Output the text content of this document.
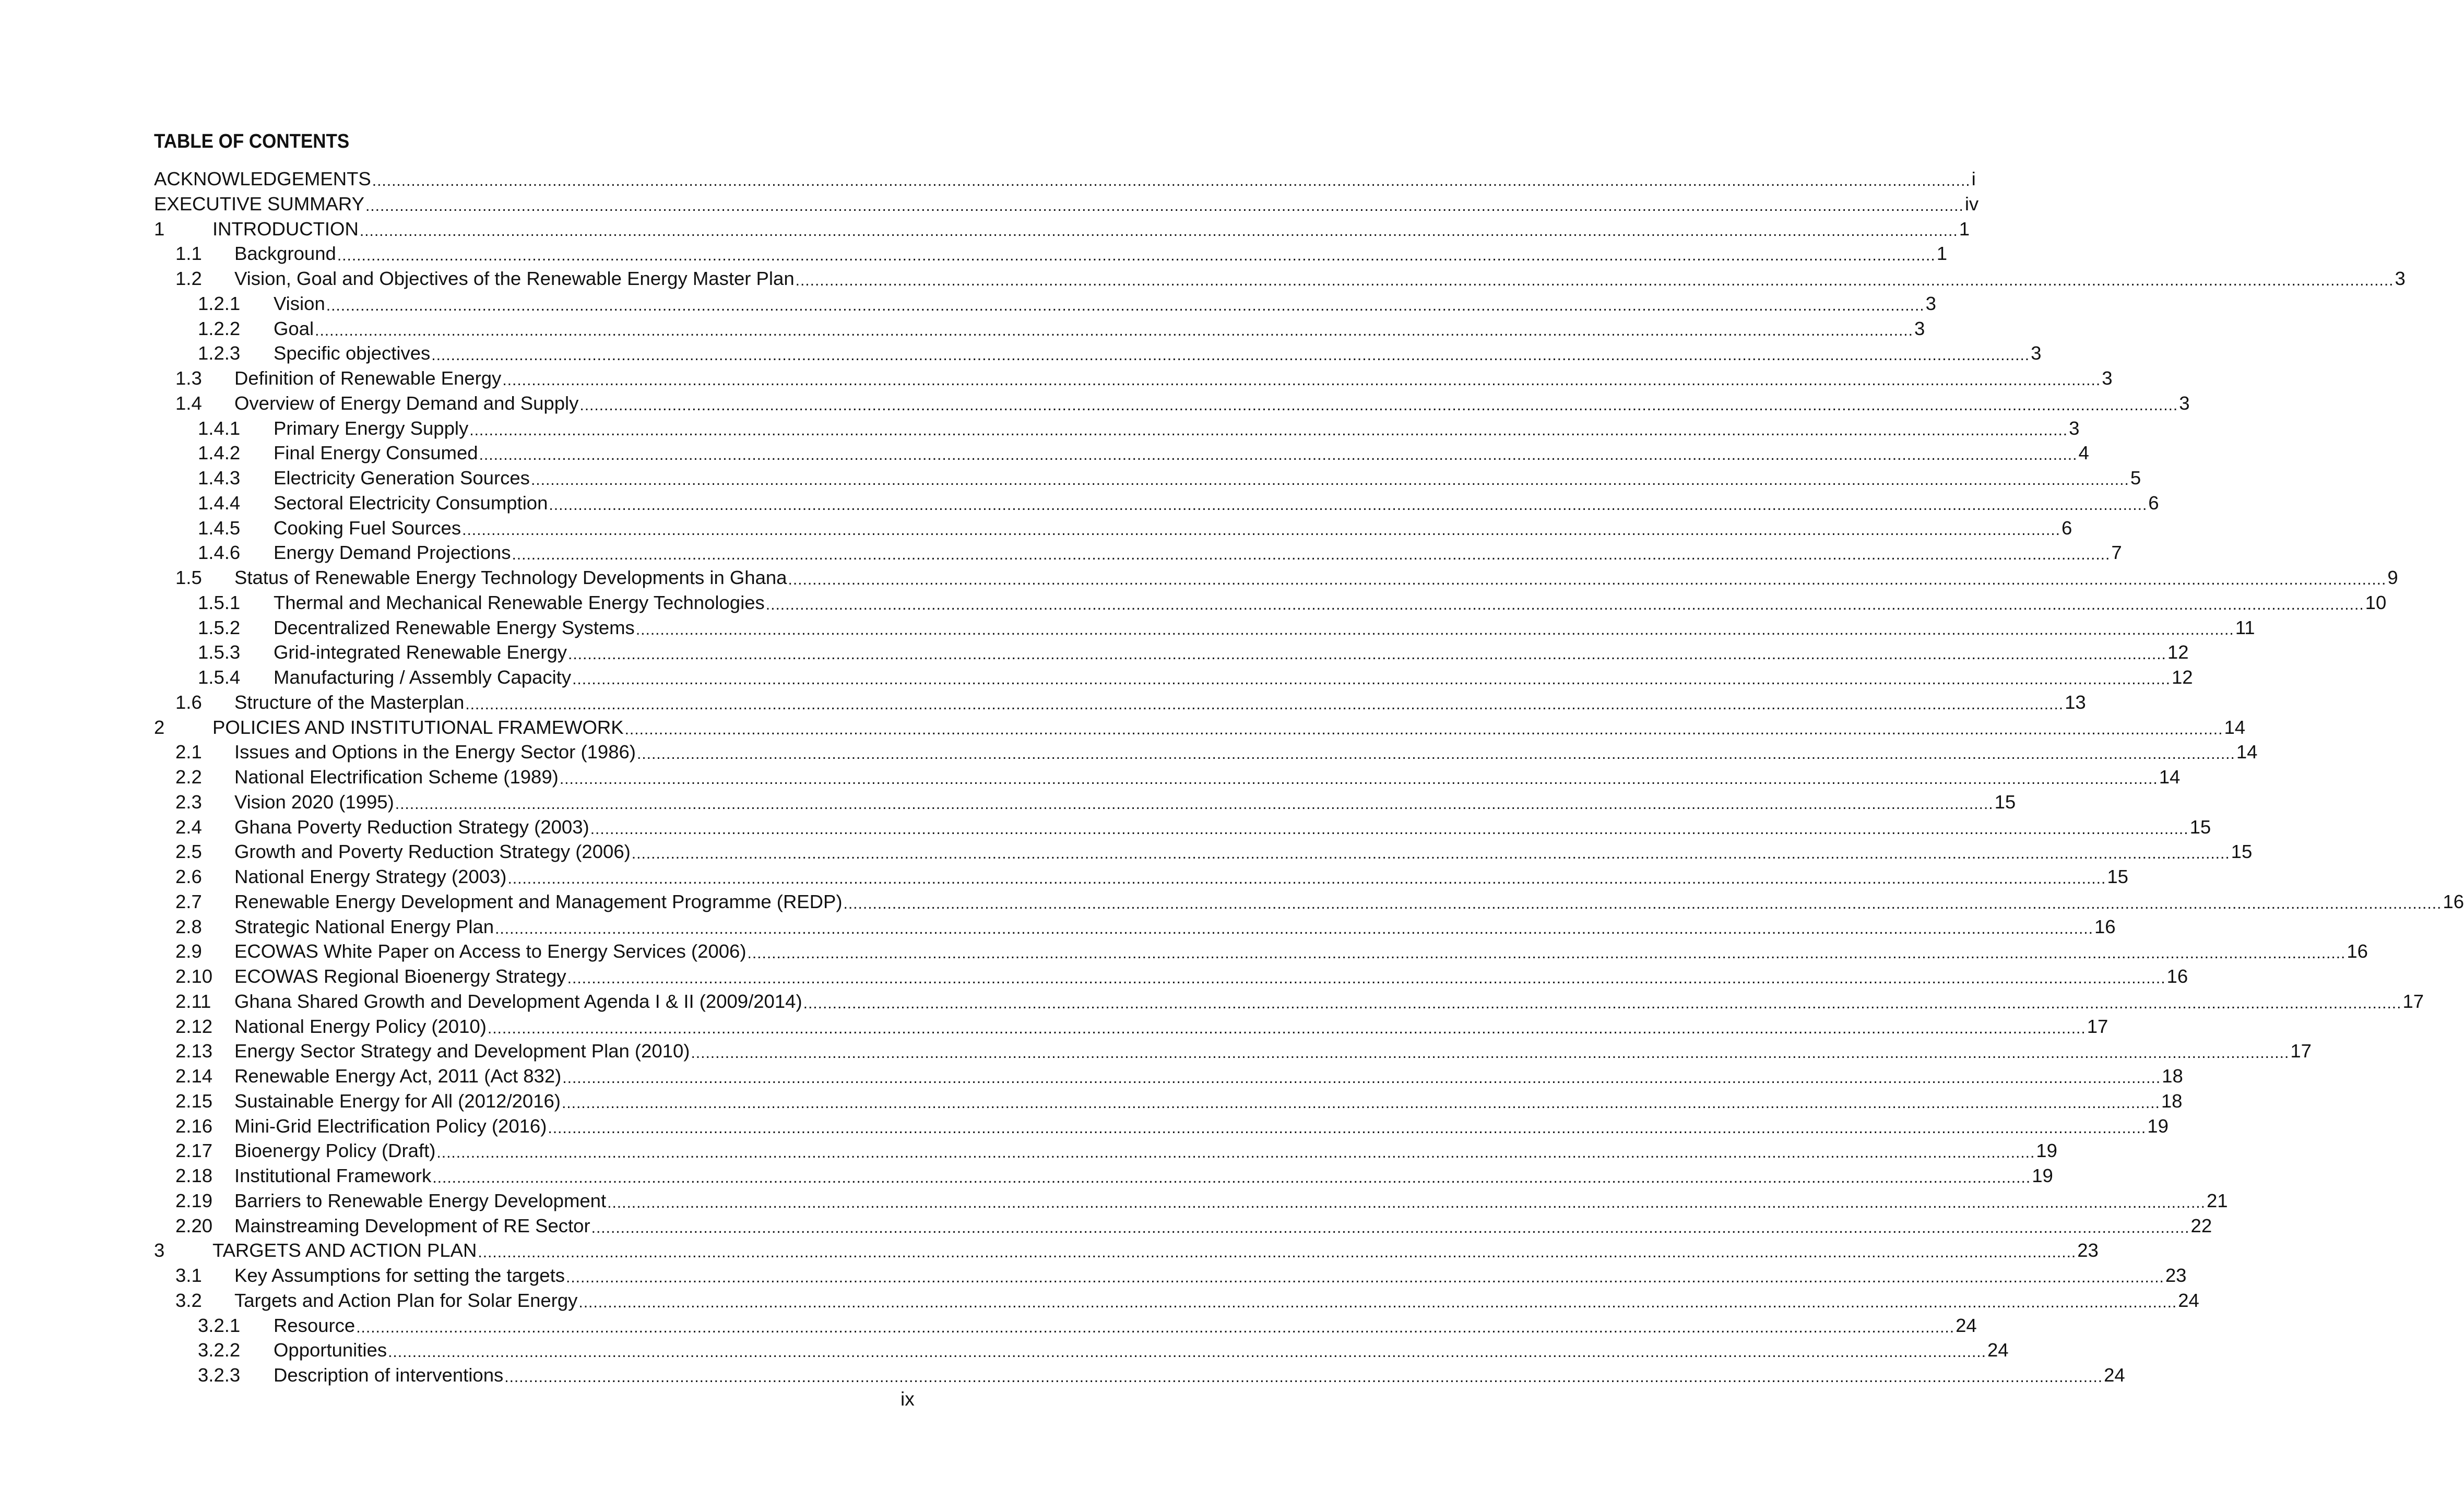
TABLE OF CONTENTS
ACKNOWLEDGEMENTS .....	i
EXECUTIVE SUMMARY .....	iv
1	INTRODUCTION .....	1
1.1	Background .....	1
1.2	Vision, Goal and Objectives of the Renewable Energy Master Plan .....	3
1.2.1	Vision .....	3
1.2.2	Goal .....	3
1.2.3	Specific objectives .....	3
1.3	Definition of Renewable Energy .....	3
1.4	Overview of Energy Demand and Supply .....	3
1.4.1	Primary Energy Supply .....	3
1.4.2	Final Energy Consumed .....	4
1.4.3	Electricity Generation Sources .....	5
1.4.4	Sectoral Electricity Consumption .....	6
1.4.5	Cooking Fuel Sources .....	6
1.4.6	Energy Demand Projections .....	7
1.5	Status of Renewable Energy Technology Developments in Ghana .....	9
1.5.1	Thermal and Mechanical Renewable Energy Technologies .....	10
1.5.2	Decentralized Renewable Energy Systems .....	11
1.5.3	Grid-integrated Renewable Energy .....	12
1.5.4	Manufacturing / Assembly Capacity .....	12
1.6	Structure of the Masterplan .....	13
2	POLICIES AND INSTITUTIONAL FRAMEWORK .....	14
2.1	Issues and Options in the Energy Sector (1986) .....	14
2.2	National Electrification Scheme (1989) .....	14
2.3	Vision 2020 (1995) .....	15
2.4	Ghana Poverty Reduction Strategy (2003) .....	15
2.5	Growth and Poverty Reduction Strategy (2006) .....	15
2.6	National Energy Strategy (2003) .....	15
2.7	Renewable Energy Development and Management Programme (REDP) .....	16
2.8	Strategic National Energy Plan .....	16
2.9	ECOWAS White Paper on Access to Energy Services (2006) .....	16
2.10	ECOWAS Regional Bioenergy Strategy .....	16
2.11	Ghana Shared Growth and Development Agenda I & II (2009/2014) .....	17
2.12	National Energy Policy (2010) .....	17
2.13	Energy Sector Strategy and Development Plan (2010) .....	17
2.14	Renewable Energy Act, 2011 (Act 832) .....	18
2.15	Sustainable Energy for All (2012/2016) .....	18
2.16	Mini-Grid Electrification Policy (2016) .....	19
2.17	Bioenergy Policy (Draft) .....	19
2.18	Institutional Framework .....	19
2.19	Barriers to Renewable Energy Development .....	21
2.20	Mainstreaming Development of RE Sector .....	22
3	TARGETS AND ACTION PLAN .....	23
3.1	Key Assumptions for setting the targets .....	23
3.2	Targets and Action Plan for Solar Energy .....	24
3.2.1	Resource .....	24
3.2.2	Opportunities .....	24
3.2.3	Description of interventions .....	24
ix
